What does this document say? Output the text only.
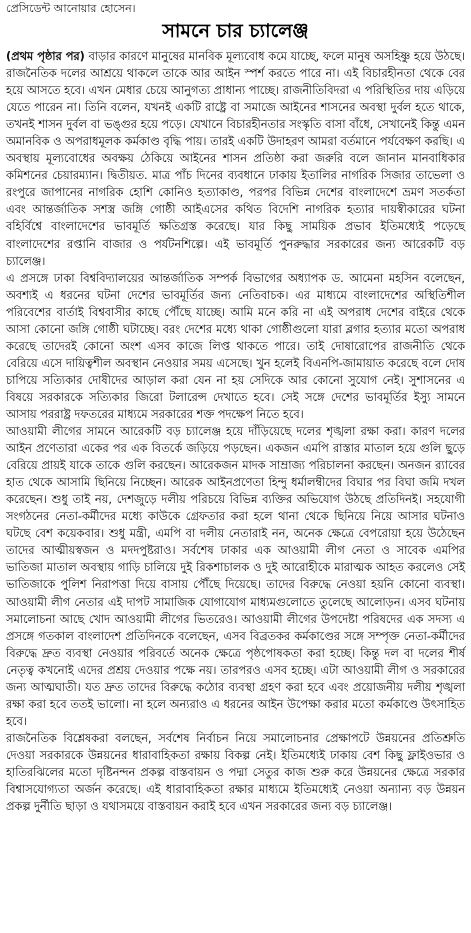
প্রেসিডেন্ট আনোয়ার হোসেন।
সামনে চার চ্যালেঞ্জ

(প্রথম পৃষ্ঠার পর) বাড়ার কারণে মানুষের মানবিক মূল্যবোধ কমে যাচ্ছে, ফলে মানুষ অসহিষ্ণু হয়ে উঠছে। রাজনৈতিক দলের আশ্রয়ে থাকলে তাকে আর আইন স্পর্শ করতে পারে না। এই বিচারহীনতা থেকে বের হয়ে আসতে হবে। এখন মেধার চেয়ে আনুগত্য প্রাধান্য পাচ্ছে। রাজনীতিবিদরা এ পরিস্থিতির দায় এড়িয়ে যেতে পারেন না। তিনি বলেন, যখনই একটি রাষ্ট্রে বা সমাজে আইনের শাসনের অবস্থা দুর্বল হতে থাকে, তখনই শাসন দুর্বল বা ভঙ্গুর হয়ে পড়ে। যেখানে বিচারহীনতার সংস্কৃতি বাসা বাঁধে, সেখানেই কিন্তু এমন অমানবিক ও অপরাধমূলক কর্মকাণ্ড বৃদ্ধি পায়। তারই একটি উদাহরণ আমরা বর্তমানে পর্যবেক্ষণ করছি। এ অবস্থায় মূল্যবোধের অবক্ষয় ঠেকিয়ে আইনের শাসন প্রতিষ্ঠা করা জরুরি বলে জানান মানবাধিকার কমিশনের চেয়ারম্যান। দ্বিতীয়ত. মাত্র পাঁচ দিনের ব্যবধানে ঢাকায় ইতালির নাগরিক সিজার তাভেলা ও রংপুরে জাপানের নাগরিক হোশি কোনিও হত্যাকাণ্ড, পরপর বিভিন্ন দেশের বাংলাদেশে ভ্রমণ সতর্কতা এবং আন্তর্জাতিক সশস্ত্র জঙ্গি গোষ্ঠী আইএসের কথিত বিদেশি নাগরিক হত্যার দায়স্বীকারের ঘটনা বহির্বিশ্বে বাংলাদেশের ভাবমূর্তি ক্ষতিগ্রস্ত করেছে। যার কিছু সাময়িক প্রভাব ইতিমধ্যেই পড়েছে বাংলাদেশের রপ্তানি বাজার ও পর্যটনশিল্পে। এই ভাবমূর্তি পুনরুদ্ধার সরকারের জন্য আরেকটি বড় চ্যালেঞ্জ।

এ প্রসঙ্গে ঢাকা বিশ্ববিদ্যালয়ের আন্তর্জাতিক সম্পর্ক বিভাগের অধ্যাপক ড. আমেনা মহসিন বলেছেন, অবশ্যই এ ধরনের ঘটনা দেশের ভাবমূর্তির জন্য নেতিবাচক। এর মাধ্যমে বাংলাদেশের অস্থিতিশীল পরিবেশের বার্তাই বিশ্ববাসীর কাছে পৌঁছে যাচ্ছে। আমি মনে করি না এই অপরাধ দেশের বাইরে থেকে আসা কোনো জঙ্গি গোষ্ঠী ঘটাচ্ছে। বরং দেশের মধ্যে থাকা গোষ্ঠীগুলো যারা ব্লগার হত্যার মতো অপরাধ করেছে তাদেরই কোনো অংশ এসব কাজে লিপ্ত থাকতে পারে। তাই দোষারোপের রাজনীতি থেকে বেরিয়ে এসে দায়িত্বশীল অবস্থান নেওয়ার সময় এসেছে। খুন হলেই বিএনপি-জামায়াত করেছে বলে দোষ চাপিয়ে সত্যিকার দোষীদের আড়াল করা যেন না হয় সেদিকে আর কোনো সুযোগ নেই। সুশাসনের এ বিষয়ে সরকারকে সত্যিকার জিরো টলারেন্স দেখাতে হবে। সেই সঙ্গে দেশের ভাবমূর্তির ইস্যু সামনে আসায় পররাষ্ট্র দফতরের মাধ্যমে সরকারের শক্ত পদক্ষেপ নিতে হবে।

আওয়ামী লীগের সামনে আরেকটি বড় চ্যালেঞ্জ হয়ে দাঁড়িয়েছে দলের শৃঙ্খলা রক্ষা করা। কারণ দলের আইন প্রণেতারা একের পর এক বিতর্কে জড়িয়ে পড়ছেন। একজন এমপি রাস্তার মাতাল হয়ে গুলি ছুড়ে বেরিয়ে প্রায়ই যাকে তাকে গুলি করছেন। আরেকজন মাদক সাম্রাজ্য পরিচালনা করছেন। অনজন র‍্যাবের হাত থেকে আসামি ছিনিয়ে নিচ্ছেন। আরেক আইনপ্রণেতা হিন্দু ধর্মালম্বীদের বিঘার পর বিঘা জমি দখল করেছেন। শুধু তাই নয়, দেশজুড়ে দলীয় পরিচয়ে বিভিন্ন ব্যক্তির অভিযোগ উঠছে প্রতিদিনই। সহযোগী সংগঠনের নেতা-কর্মীদের মধ্যে কাউকে গ্রেফতার করা হলে থানা থেকে ছিনিয়ে নিয়ে আসার ঘটনাও ঘটছে বেশ কয়েকবার। শুধু মন্ত্রী, এমপি বা দলীয় নেতারাই নন, অনেক ক্ষেত্রে বেপরোয়া হয়ে উঠেছেন তাদের আত্মীয়স্বজন ও মদদপুষ্টরাও। সর্বশেষ ঢাকার এক আওয়ামী লীগ নেতা ও সাবেক এমপির ভাতিজা মাতাল অবস্থায় গাড়ি চালিয়ে দুই রিকশাচালক ও দুই আরোহীকে মারাত্মক আহত করলেও সেই ভাতিজাকে পুলিশ নিরাপত্তা দিয়ে বাসায় পৌঁছে দিয়েছে। তাদের বিরুদ্ধে নেওয়া হয়নি কোনো ব্যবস্থা। আওয়ামী লীগ নেতার এই দাপট সামাজিক যোগাযোগ মাধ্যমগুলোতে তুলেছে আলোড়ন। এসব ঘটনায় সমালোচনা আছে খোদ আওয়ামী লীগের ভিতরেও। আওয়ামী লীগের উপদেষ্টা পরিষদের এক সদস্য এ প্রসঙ্গে গতকাল বাংলাদেশ প্রতিদিনকে বলেছেন, এসব বিব্রতকর কর্মকাণ্ডের সঙ্গে সম্পৃক্ত নেতা-কর্মীদের বিরুদ্ধে দ্রুত ব্যবস্থা নেওয়ার পরিবর্তে অনেক ক্ষেত্রে পৃষ্ঠপোষকতা করা হচ্ছে। কিন্তু দল বা দলের শীর্ষ নেতৃত্ব কখনোই এদের প্রশ্রয় দেওয়ার পক্ষে নয়। তারপরও এসব হচ্ছে। এটা আওয়ামী লীগ ও সরকারের জন্য আত্মঘাতী। যত দ্রুত তাদের বিরুদ্ধে কঠোর ব্যবস্থা গ্রহণ করা হবে এবং প্রয়োজনীয় দলীয় শৃঙ্খলা রক্ষা করা হবে ততই ভালো। না হলে অন্যরাও এ ধরনের আইন উপেক্ষা করার মতো কর্মকাণ্ডে উৎসাহিত হবে।

রাজনৈতিক বিশ্লেষকরা বলছেন, সর্বশেষ নির্বাচন নিয়ে সমালোচনার প্রেক্ষাপটে উন্নয়নের প্রতিশ্রুতি দেওয়া সরকারকে উন্নয়নের ধারাবাহিকতা রক্ষায় বিকল্প নেই। ইতিমধ্যেই ঢাকায় বেশ কিছু ফ্লাইওভার ও হাতিরঝিলের মতো দৃষ্টিনন্দন প্রকল্প বাস্তবায়ন ও পদ্মা সেতুর কাজ শুরু করে উন্নয়নের ক্ষেত্রে সরকার বিশ্বাসযোগ্যতা অর্জন করেছে। এই ধারাবাহিকতা রক্ষার মাধ্যমে ইতিমধ্যেই নেওয়া অন্যান্য বড় উন্নয়ন প্রকল্প দুর্নীতি ছাড়া ও যথাসময়ে বাস্তবায়ন করাই হবে এখন সরকারের জন্য বড় চ্যালেঞ্জ।
